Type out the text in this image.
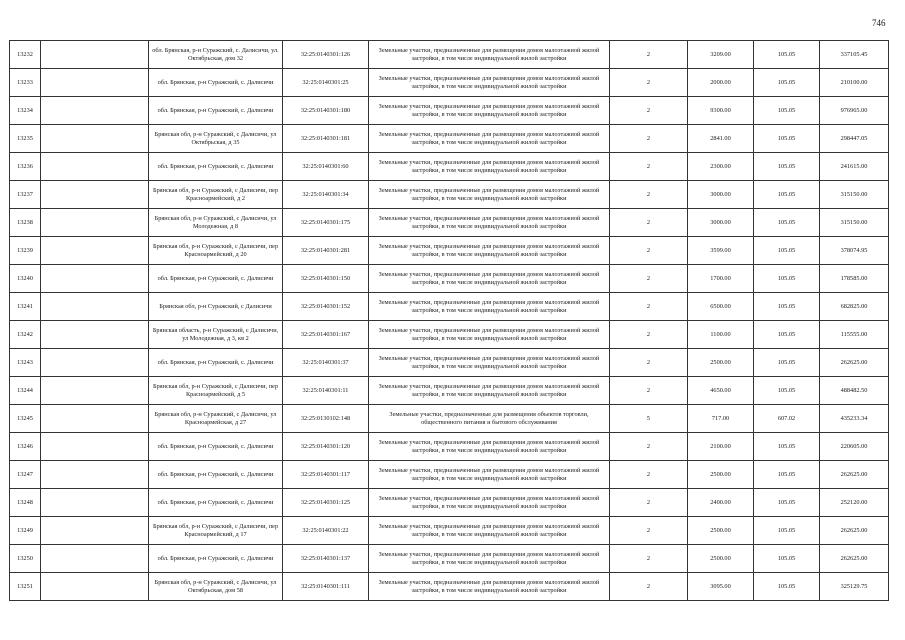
746
13232		обл. Брянская, р-н Суражский, с. Далисичи, ул. Октябрьская, дом 32	32:25:0140301:126	Земельные участки, предназначенные для размещения домов малоэтажной жилой застройки, в том числе индивидуальной жилой застройки	2	3209.00	105.05	337105.45
13233		обл. Брянская, р-н Суражский, с. Далисичи	32:25:0140301:25	Земельные участки, предназначенные для размещения домов малоэтажной жилой застройки, в том числе индивидуальной жилой застройки	2	2000.00	105.05	210100.00
13234		обл. Брянская, р-н Суражский, с. Далисичи	32:25:0140301:180	Земельные участки, предназначенные для размещения домов малоэтажной жилой застройки, в том числе индивидуальной жилой застройки	2	9300.00	105.05	976965.00
13235		Брянская обл, р-н Суражский, с Далисичи, ул Октябрьская, д 35	32:25:0140301:181	Земельные участки, предназначенные для размещения домов малоэтажной жилой застройки, в том числе индивидуальной жилой застройки	2	2841.00	105.05	298447.05
13236		обл. Брянская, р-н Суражский, с. Далисичи	32:25:0140301:60	Земельные участки, предназначенные для размещения домов малоэтажной жилой застройки, в том числе индивидуальной жилой застройки	2	2300.00	105.05	241615.00
13237		Брянская обл, р-н Суражский, с Далисичи, пер Красноармейский, д 2	32:25:0140301:34	Земельные участки, предназначенные для размещения домов малоэтажной жилой застройки, в том числе индивидуальной жилой застройки	2	3000.00	105.05	315150.00
13238		Брянская обл, р-н Суражский, с Далисичи, ул Молодежная, д 8	32:25:0140301:175	Земельные участки, предназначенные для размещения домов малоэтажной жилой застройки, в том числе индивидуальной жилой застройки	2	3000.00	105.05	315150.00
13239		Брянская обл, р-н Суражский, с Далисичи, пер Красноармейский, д 20	32:25:0140301:281	Земельные участки, предназначенные для размещения домов малоэтажной жилой застройки, в том числе индивидуальной жилой застройки	2	3599.00	105.05	378074.95
13240		обл. Брянская, р-н Суражский, с. Далисичи	32:25:0140301:150	Земельные участки, предназначенные для размещения домов малоэтажной жилой застройки, в том числе индивидуальной жилой застройки	2	1700.00	105.05	178585.00
13241		Брянская обл, р-н Суражский, с Далисичи	32:25:0140301:152	Земельные участки, предназначенные для размещения домов малоэтажной жилой застройки, в том числе индивидуальной жилой застройки	2	6500.00	105.05	682825.00
13242		Брянская область, р-н Суражский, с Далисичи, ул Молодежная, д 3, кв 2	32:25:0140301:167	Земельные участки, предназначенные для размещения домов малоэтажной жилой застройки, в том числе индивидуальной жилой застройки	2	1100.00	105.05	115555.00
13243		обл. Брянская, р-н Суражский, с. Далисичи	32:25:0140301:37	Земельные участки, предназначенные для размещения домов малоэтажной жилой застройки, в том числе индивидуальной жилой застройки	2	2500.00	105.05	262625.00
13244		Брянская обл, р-н Суражский, с Далисичи, пер Красноармейский, д 5	32:25:0140301:11	Земельные участки, предназначенные для размещения домов малоэтажной жилой застройки, в том числе индивидуальной жилой застройки	2	4650.00	105.05	488482.50
13245		Брянская обл, р-н Суражский, с Далисичи, ул Красноармейская, д 27	32:25:0130102:148	Земельные участки, предназначенные для размещения объектов торговли, общественного питания и бытового обслуживания	5	717.00	607.02	435233.34
13246		обл. Брянская, р-н Суражский, с. Далисичи	32:25:0140301:120	Земельные участки, предназначенные для размещения домов малоэтажной жилой застройки, в том числе индивидуальной жилой застройки	2	2100.00	105.05	220605.00
13247		обл. Брянская, р-н Суражский, с. Далисичи	32:25:0140301:117	Земельные участки, предназначенные для размещения домов малоэтажной жилой застройки, в том числе индивидуальной жилой застройки	2	2500.00	105.05	262625.00
13248		обл. Брянская, р-н Суражский, с. Далисичи	32:25:0140301:125	Земельные участки, предназначенные для размещения домов малоэтажной жилой застройки, в том числе индивидуальной жилой застройки	2	2400.00	105.05	252120.00
13249		Брянская обл, р-н Суражский, с Далисичи, пер Красноармейский, д 17	32:25:0140301:22	Земельные участки, предназначенные для размещения домов малоэтажной жилой застройки, в том числе индивидуальной жилой застройки	2	2500.00	105.05	262625.00
13250		обл. Брянская, р-н Суражский, с. Далисичи	32:25:0140301:137	Земельные участки, предназначенные для размещения домов малоэтажной жилой застройки, в том числе индивидуальной жилой застройки	2	2500.00	105.05	262625.00
13251		Брянская обл, р-н Суражский, с Далисичи, ул Октябрьская, дом 58	32:25:0140301:111	Земельные участки, предназначенные для размещения домов малоэтажной жилой застройки, в том числе индивидуальной жилой застройки	2	3095.00	105.05	325129.75
